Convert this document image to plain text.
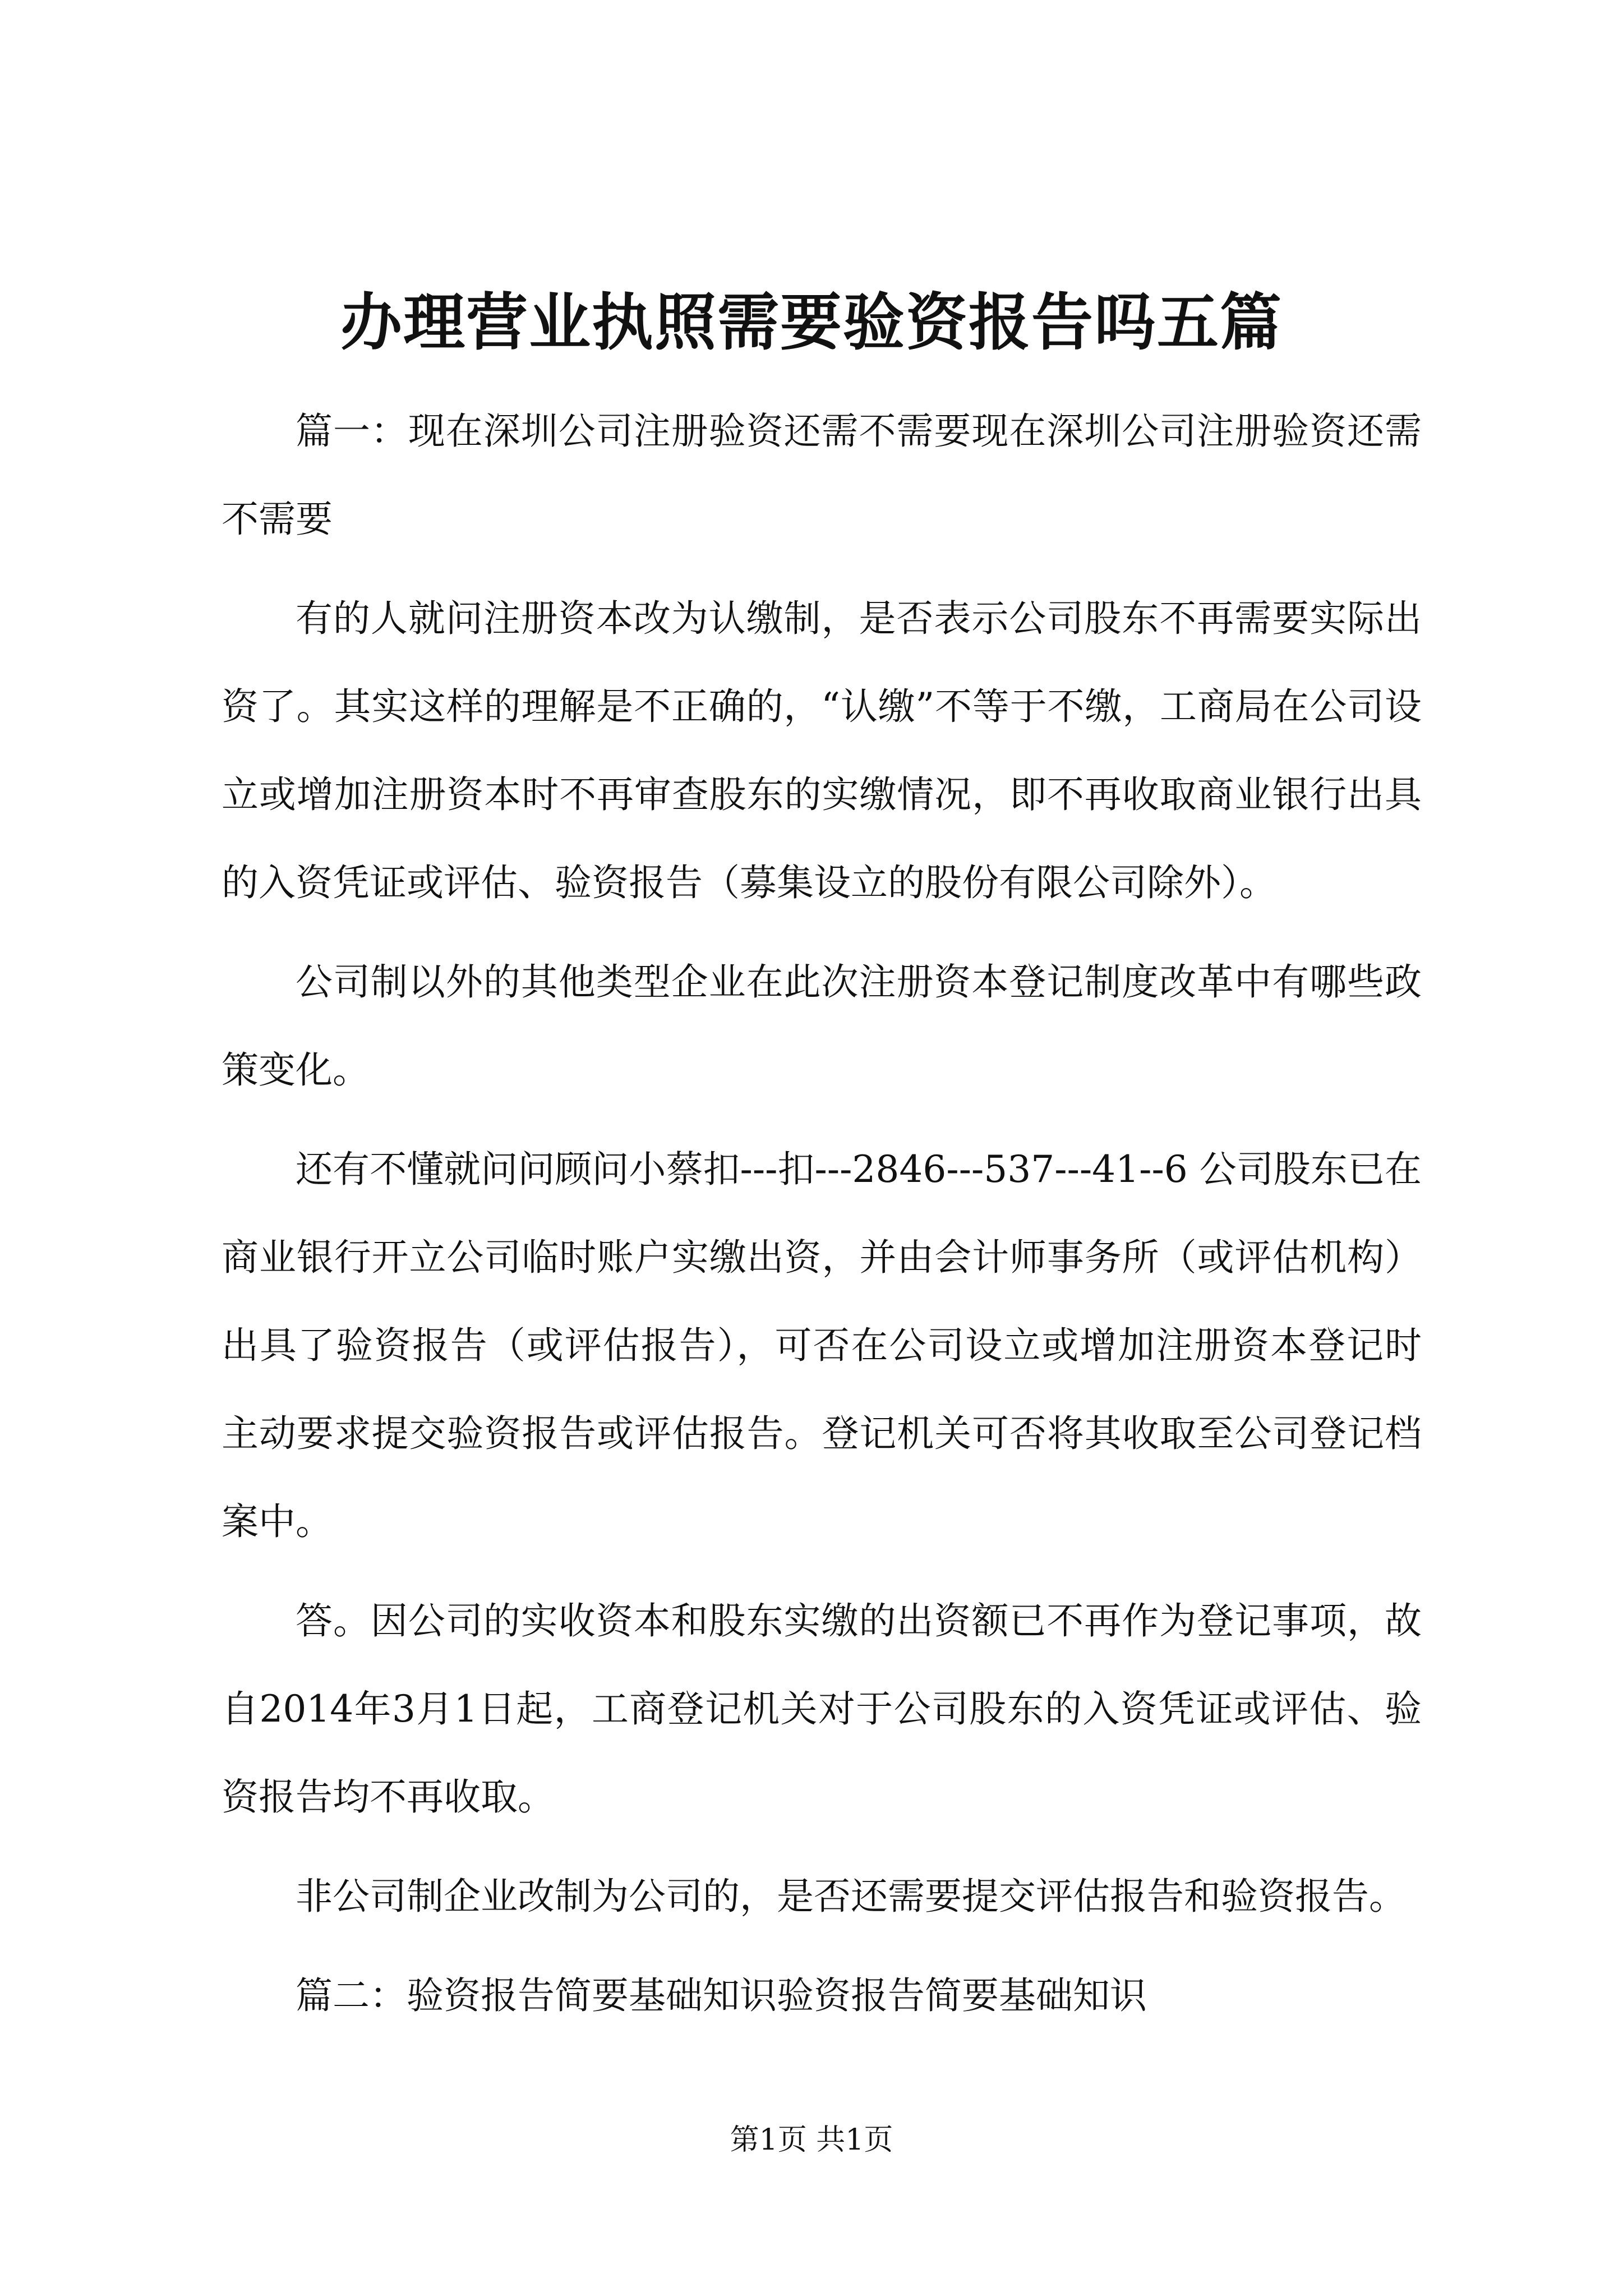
办理营业执照需要验资报告吗五篇

篇一：现在深圳公司注册验资还需不需要现在深圳公司注册验资还需不需要

有的人就问注册资本改为认缴制，是否表示公司股东不再需要实际出资了。其实这样的理解是不正确的，“认缴”不等于不缴，工商局在公司设立或增加注册资本时不再审查股东的实缴情况，即不再收取商业银行出具的入资凭证或评估、验资报告（募集设立的股份有限公司除外）。

公司制以外的其他类型企业在此次注册资本登记制度改革中有哪些政策变化。

还有不懂就问问顾问小蔡扣---扣---2846---537---41--6 公司股东已在商业银行开立公司临时账户实缴出资，并由会计师事务所（或评估机构）出具了验资报告（或评估报告），可否在公司设立或增加注册资本登记时主动要求提交验资报告或评估报告。登记机关可否将其收取至公司登记档案中。

答。因公司的实收资本和股东实缴的出资额已不再作为登记事项，故自2014年3月1日起，工商登记机关对于公司股东的入资凭证或评估、验资报告均不再收取。

非公司制企业改制为公司的，是否还需要提交评估报告和验资报告。

篇二：验资报告简要基础知识验资报告简要基础知识

第1页 共1页
